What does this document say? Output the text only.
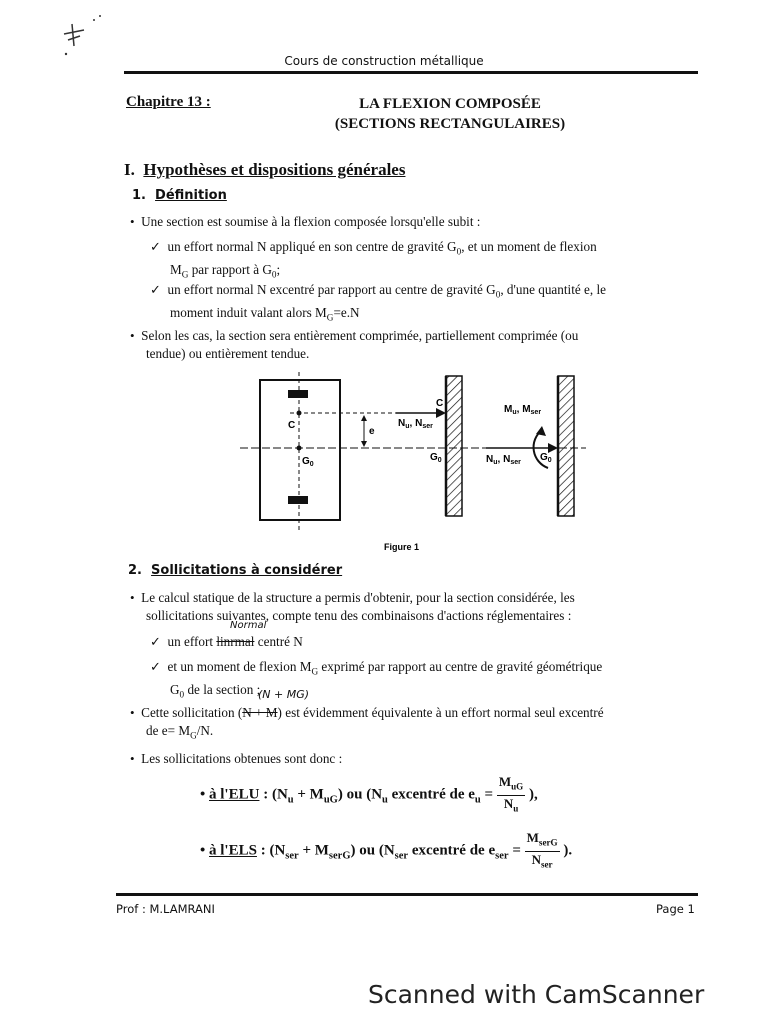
Cours de construction métallique
Chapitre 13 :	LA FLEXION COMPOSÉE
(SECTIONS RECTANGULAIRES)
I. Hypothèses et dispositions générales
1. Définition
• Une section est soumise à la flexion composée lorsqu'elle subit :
✓ un effort normal N appliqué en son centre de gravité $G_0$, et un moment de flexion
$M_G$ par rapport à $G_0$;
✓ un effort normal N excentré par rapport au centre de gravité $G_0$, d'une quantité e, le
moment induit valant alors $M_G=e.N$
• Selon les cas, la section sera entièrement comprimée, partiellement comprimée (ou
tendue) ou entièrement tendue.
C
$G_0$
e
C
$N_u$, $N_{ser}$
$G_0$	$N_u$, $N_{ser}$
$M_u$, $M_{ser}$
$G_0$
Figure 1
2. Sollicitations à considérer
• Le calcul statique de la structure a permis d'obtenir, pour la section considérée, les
sollicitations suivantes, compte tenu des combinaisons d'actions réglementaires :
Normal
✓ un effort linrmal centré N
✓ et un moment de flexion $M_G$ exprimé par rapport au centre de gravité géométrique
$G_0$ de la section ;
(N + MG)
• Cette sollicitation (N + M) est évidemment équivalente à un effort normal seul excentré
de $e= M_G/N$.
• Les sollicitations obtenues sont donc :
• à l'ELU : $(N_u + M_{uG})$ ou ($N_u$ excentré de $e_u = \frac{M_{uG}}{N_u}$ ),
• à l'ELS : $(N_{ser} + M_{serG})$ ou ($N_{ser}$ excentré de $e_{ser} = \frac{M_{serG}}{N_{ser}}$ ).
Prof : M.LAMRANI	Page 1
Scanned with CamScanner
